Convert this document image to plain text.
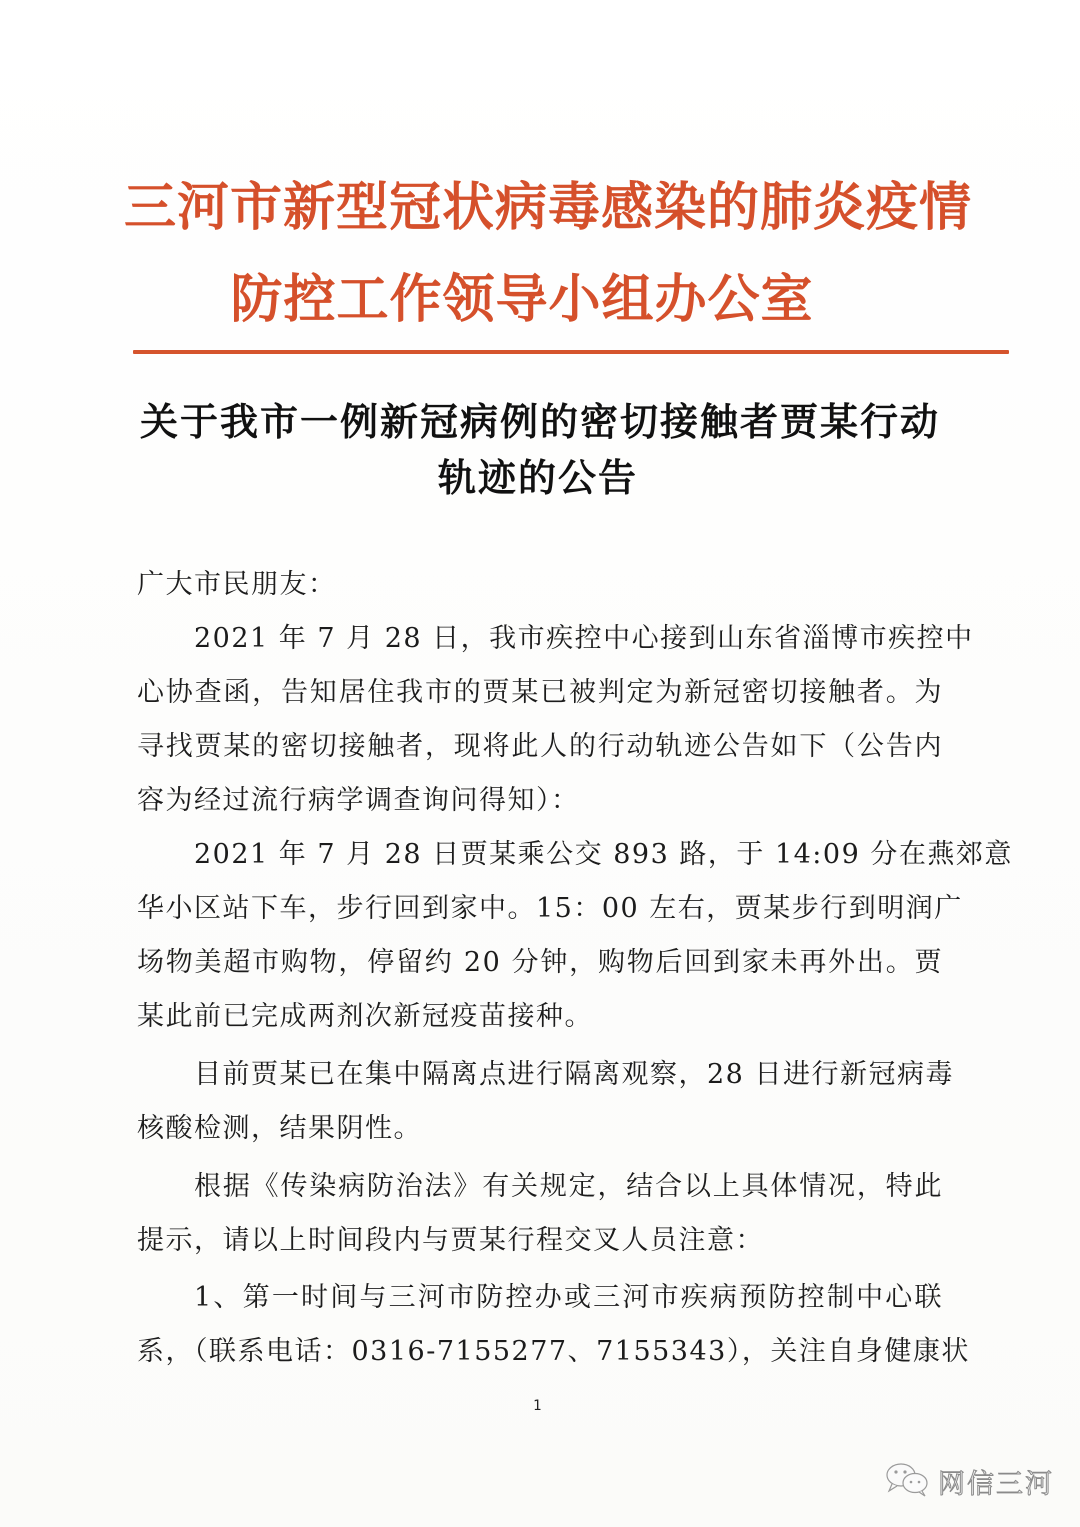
三河市新型冠状病毒感染的肺炎疫情
防控工作领导小组办公室
关于我市一例新冠病例的密切接触者贾某行动
轨迹的公告
广大市民朋友：
2021 年 7 月 28 日，我市疾控中心接到山东省淄博市疾控中
心协查函，告知居住我市的贾某已被判定为新冠密切接触者。为
寻找贾某的密切接触者，现将此人的行动轨迹公告如下（公告内
容为经过流行病学调查询问得知）：
2021 年 7 月 28 日贾某乘公交 893 路，于 14:09 分在燕郊意
华小区站下车，步行回到家中。15：00 左右，贾某步行到明润广
场物美超市购物，停留约 20 分钟，购物后回到家未再外出。贾
某此前已完成两剂次新冠疫苗接种。
目前贾某已在集中隔离点进行隔离观察，28 日进行新冠病毒
核酸检测，结果阴性。
根据《传染病防治法》有关规定，结合以上具体情况，特此
提示，请以上时间段内与贾某行程交叉人员注意：
1、第一时间与三河市防控办或三河市疾病预防控制中心联
系，（联系电话：0316-7155277、7155343），关注自身健康状
1
网信三河
